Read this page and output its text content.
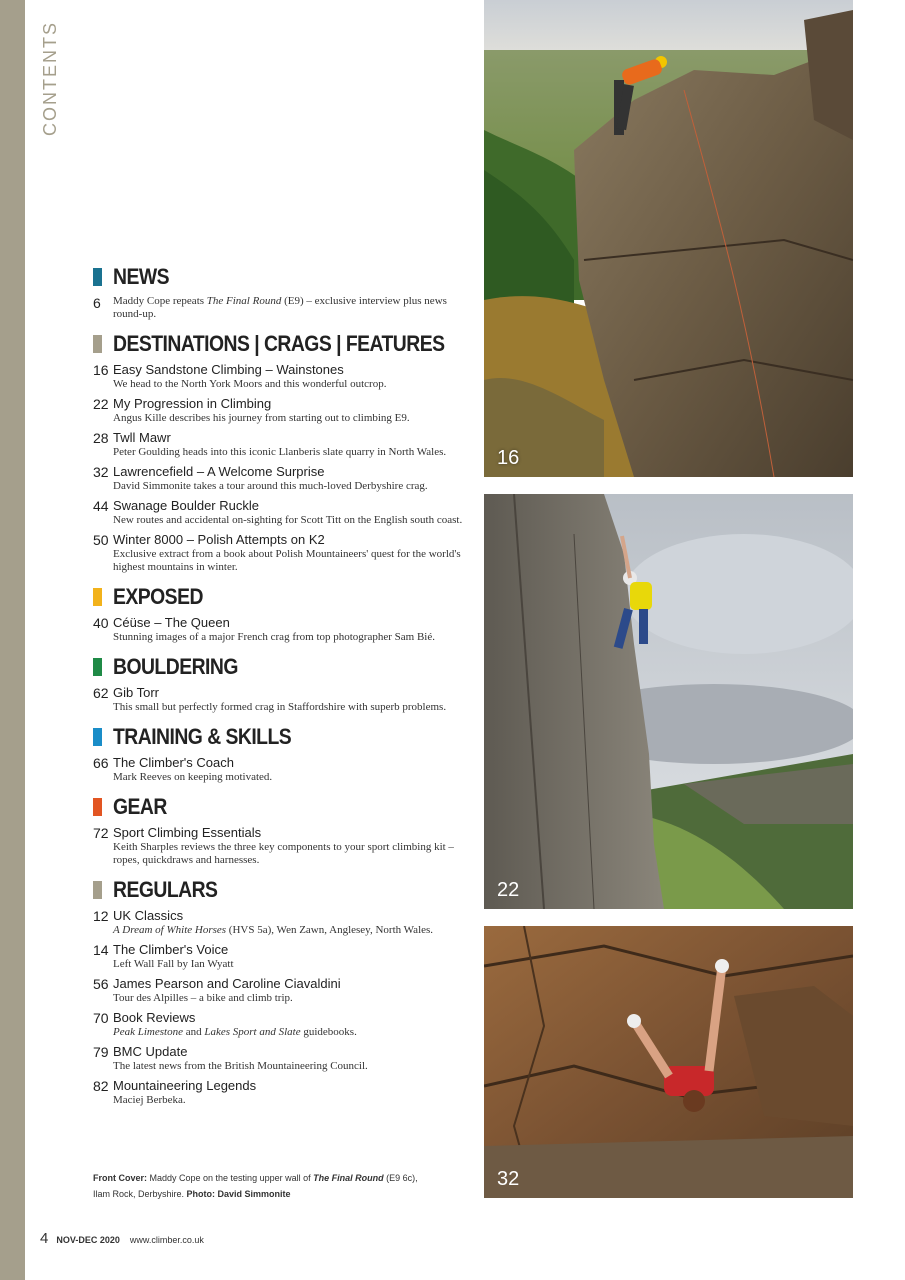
CONTENTS
NEWS
6	Maddy Cope repeats The Final Round (E9) – exclusive interview plus news round-up.
DESTINATIONS | CRAGS | FEATURES
16 Easy Sandstone Climbing – Wainstones
We head to the North York Moors and this wonderful outcrop.
22 My Progression in Climbing
Angus Kille describes his journey from starting out to climbing E9.
28 Twll Mawr
Peter Goulding heads into this iconic Llanberis slate quarry in North Wales.
32 Lawrencefield – A Welcome Surprise
David Simmonite takes a tour around this much-loved Derbyshire crag.
44 Swanage Boulder Ruckle
New routes and accidental on-sighting for Scott Titt on the English south coast.
50 Winter 8000 – Polish Attempts on K2
Exclusive extract from a book about Polish Mountaineers' quest for the world's highest mountains in winter.
EXPOSED
40 Céüse – The Queen
Stunning images of a major French crag from top photographer Sam Bié.
BOULDERING
62 Gib Torr
This small but perfectly formed crag in Staffordshire with superb problems.
TRAINING & SKILLS
66 The Climber's Coach
Mark Reeves on keeping motivated.
GEAR
72 Sport Climbing Essentials
Keith Sharples reviews the three key components to your sport climbing kit – ropes, quickdraws and harnesses.
REGULARS
12 UK Classics
A Dream of White Horses (HVS 5a), Wen Zawn, Anglesey, North Wales.
14 The Climber's Voice
Left Wall Fall by Ian Wyatt
56 James Pearson and Caroline Ciavaldini
Tour des Alpilles – a bike and climb trip.
70 Book Reviews
Peak Limestone and Lakes Sport and Slate guidebooks.
79 BMC Update
The latest news from the British Mountaineering Council.
82 Mountaineering Legends
Maciej Berbeka.
Front Cover: Maddy Cope on the testing upper wall of The Final Round (E9 6c),
Ilam Rock, Derbyshire. Photo: David Simmonite
4 NOV-DEC 2020 www.climber.co.uk
16
22
32
